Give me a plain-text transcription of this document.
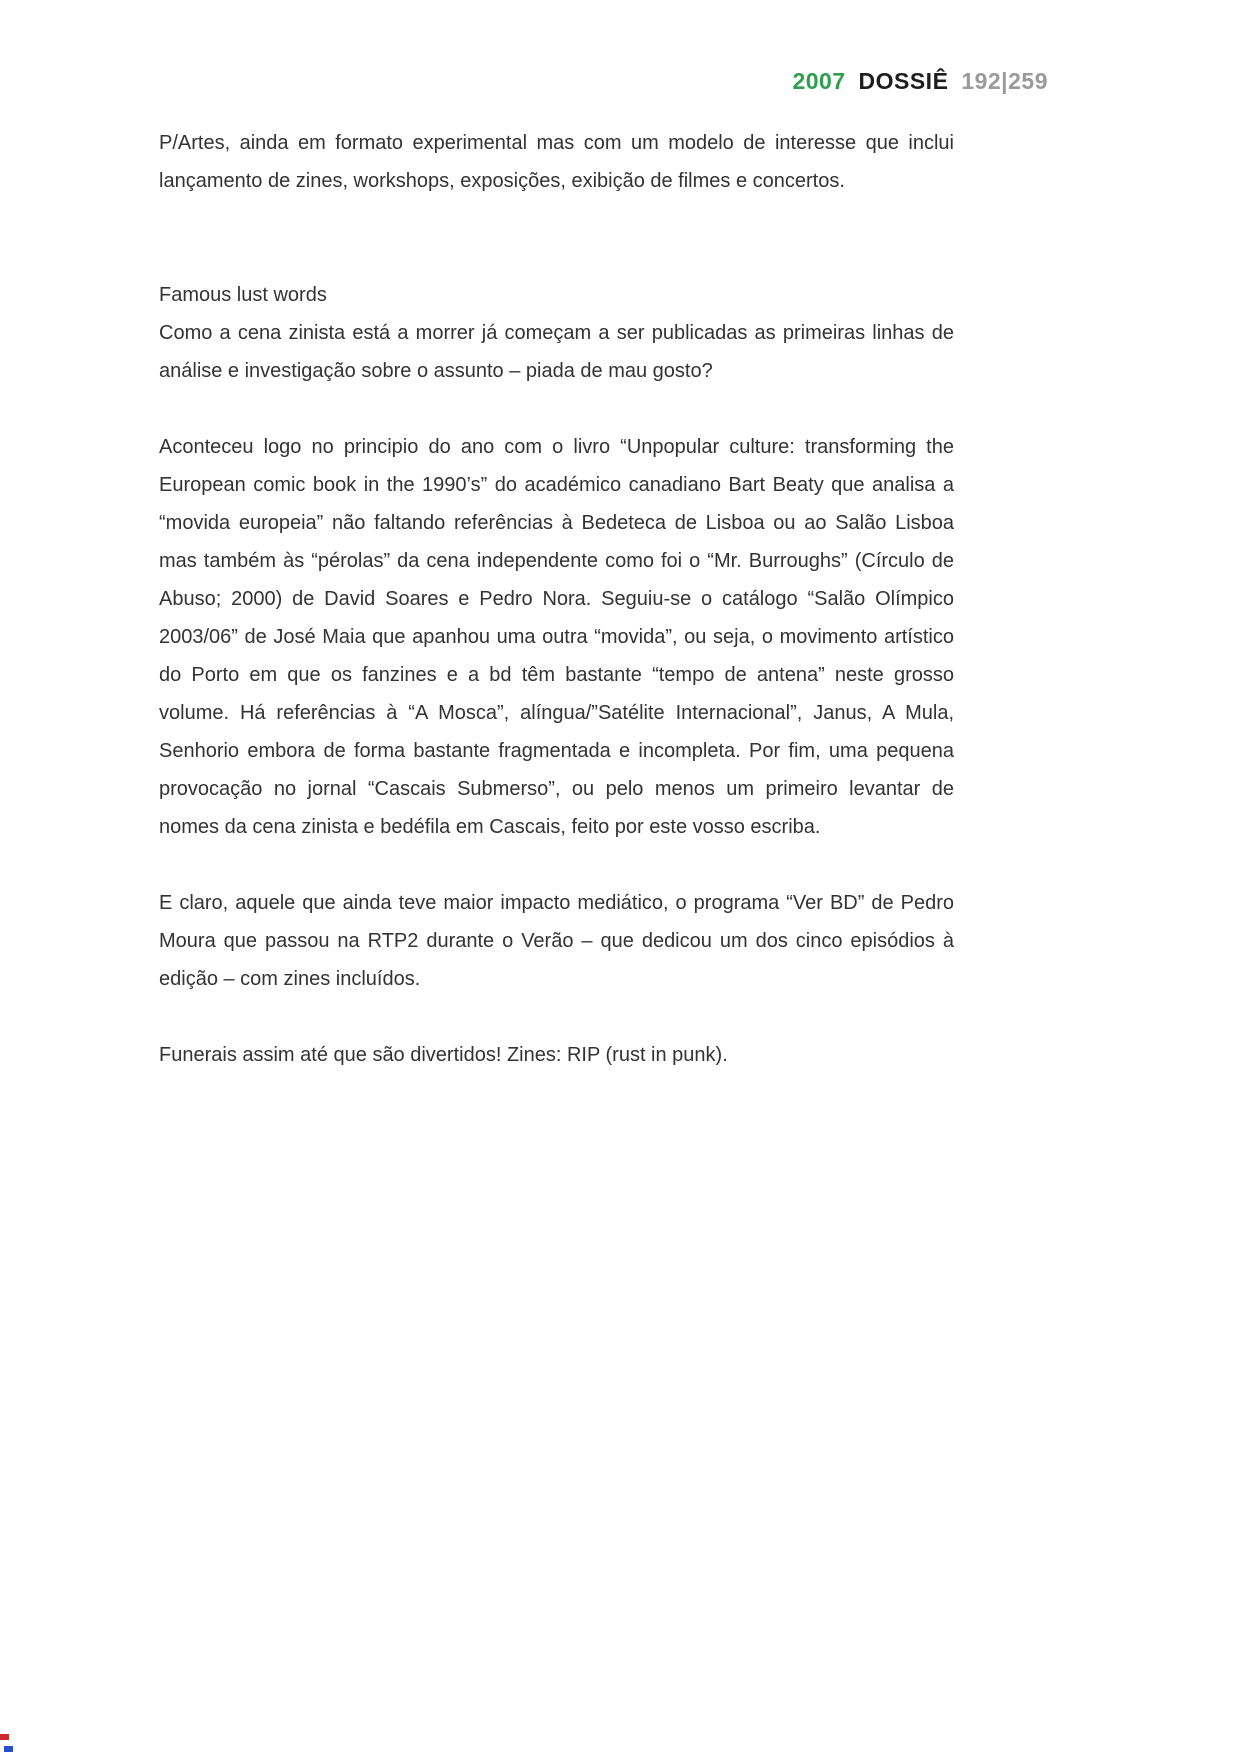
2007 DOSSIÊ 192|259

P/Artes, ainda em formato experimental mas com um modelo de interesse que inclui lançamento de zines, workshops, exposições, exibição de filmes e concertos.

Famous lust words

Como a cena zinista está a morrer já começam a ser publicadas as primeiras linhas de análise e investigação sobre o assunto – piada de mau gosto?

Aconteceu logo no principio do ano com o livro “Unpopular culture: transforming the European comic book in the 1990’s” do académico canadiano Bart Beaty que analisa a “movida europeia” não faltando referências à Bedeteca de Lisboa ou ao Salão Lisboa mas também às “pérolas” da cena independente como foi o “Mr. Burroughs” (Círculo de Abuso; 2000) de David Soares e Pedro Nora. Seguiu-se o catálogo “Salão Olímpico 2003/06” de José Maia que apanhou uma outra “movida”, ou seja, o movimento artístico do Porto em que os fanzines e a bd têm bastante “tempo de antena” neste grosso volume. Há referências à “A Mosca”, alíngua/”Satélite Internacional”, Janus, A Mula, Senhorio embora de forma bastante fragmentada e incompleta. Por fim, uma pequena provocação no jornal “Cascais Submerso”, ou pelo menos um primeiro levantar de nomes da cena zinista e bedéfila em Cascais, feito por este vosso escriba.

E claro, aquele que ainda teve maior impacto mediático, o programa “Ver BD” de Pedro Moura que passou na RTP2 durante o Verão – que dedicou um dos cinco episódios à edição – com zines incluídos.

Funerais assim até que são divertidos! Zines: RIP (rust in punk).
